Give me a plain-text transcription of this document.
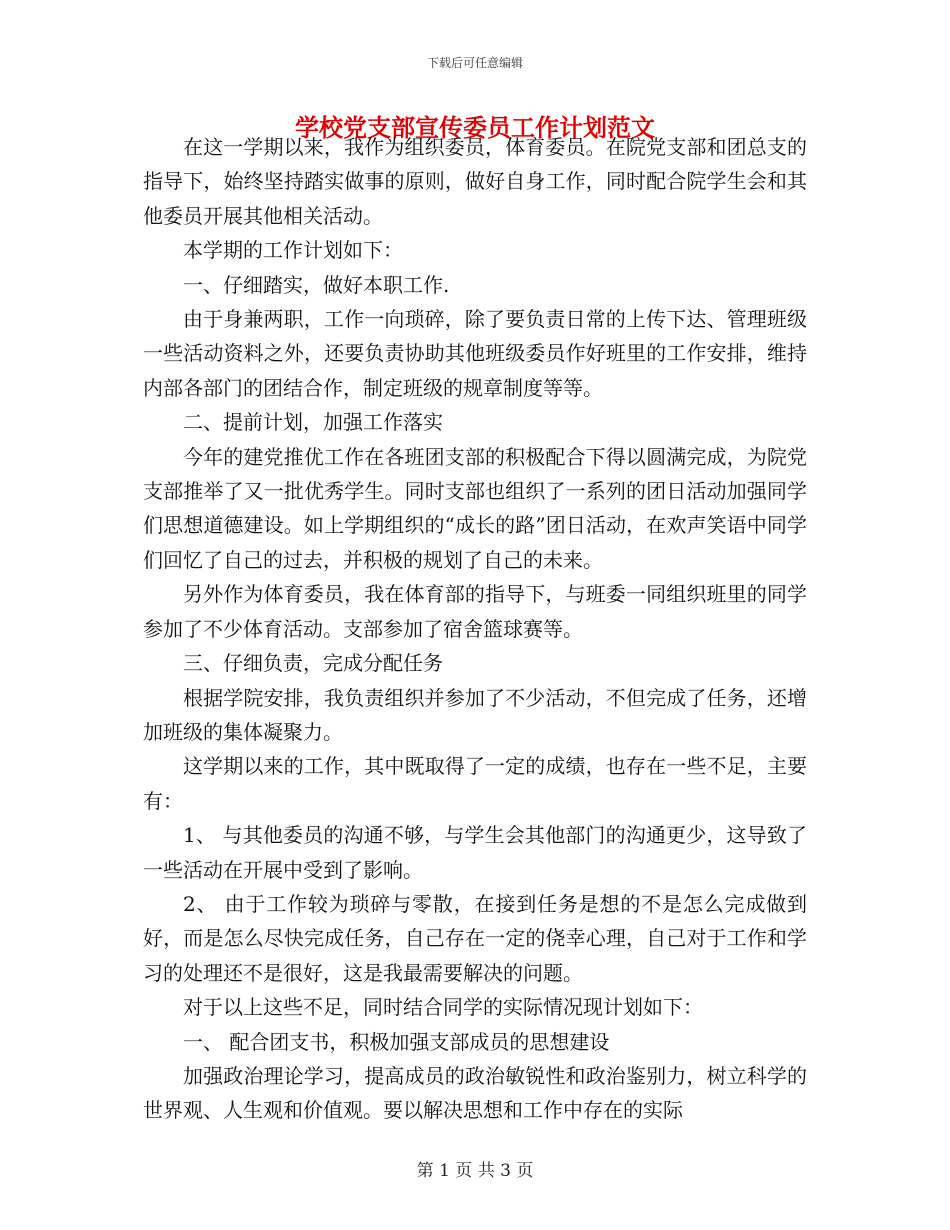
下载后可任意编辑
学校党支部宣传委员工作计划范文

在这一学期以来，我作为组织委员，体育委员。在院党支部和团总支的指导下，始终坚持踏实做事的原则，做好自身工作，同时配合院学生会和其他委员开展其他相关活动。

本学期的工作计划如下：

一、仔细踏实，做好本职工作.

由于身兼两职，工作一向琐碎，除了要负责日常的上传下达、管理班级一些活动资料之外，还要负责协助其他班级委员作好班里的工作安排，维持内部各部门的团结合作，制定班级的规章制度等等。

二、提前计划，加强工作落实

今年的建党推优工作在各班团支部的积极配合下得以圆满完成，为院党支部推举了又一批优秀学生。同时支部也组织了一系列的团日活动加强同学们思想道德建设。如上学期组织的“成长的路”团日活动，在欢声笑语中同学们回忆了自己的过去，并积极的规划了自己的未来。

另外作为体育委员，我在体育部的指导下，与班委一同组织班里的同学参加了不少体育活动。支部参加了宿舍篮球赛等。

三、仔细负责，完成分配任务

根据学院安排，我负责组织并参加了不少活动，不但完成了任务，还增加班级的集体凝聚力。

这学期以来的工作，其中既取得了一定的成绩，也存在一些不足，主要有：

1、 与其他委员的沟通不够，与学生会其他部门的沟通更少，这导致了一些活动在开展中受到了影响。

2、 由于工作较为琐碎与零散，在接到任务是想的不是怎么完成做到好，而是怎么尽快完成任务，自己存在一定的侥幸心理，自己对于工作和学习的处理还不是很好，这是我最需要解决的问题。

对于以上这些不足，同时结合同学的实际情况现计划如下：

一、 配合团支书，积极加强支部成员的思想建设

加强政治理论学习，提高成员的政治敏锐性和政治鉴别力，树立科学的世界观、人生观和价值观。要以解决思想和工作中存在的实际

第 1 页 共 3 页
